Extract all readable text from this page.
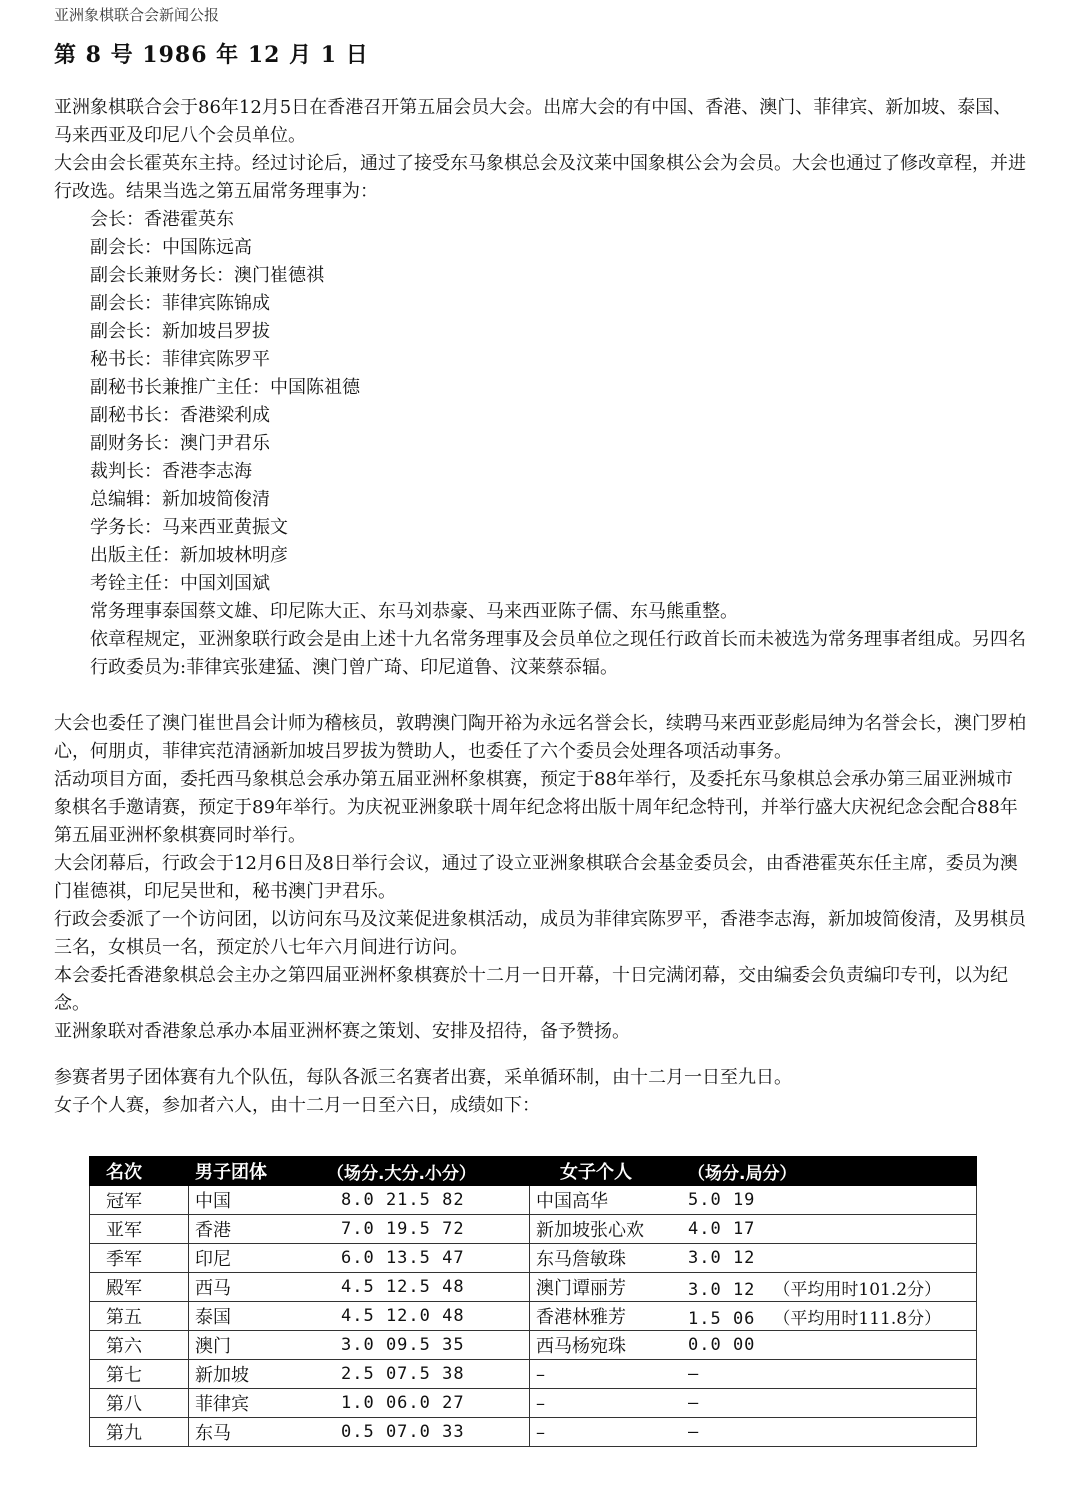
亚洲象棋联合会新闻公报
第 8 号 1986 年 12 月 1 日

亚洲象棋联合会于86年12月5日在香港召开第五届会员大会。出席大会的有中国、香港、澳门、菲律宾、新加坡、泰国、马来西亚及印尼八个会员单位。

大会由会长霍英东主持。经过讨论后，通过了接受东马象棋总会及汶莱中国象棋公会为会员。大会也通过了修改章程，并进行改选。结果当选之第五届常务理事为：

会长：香港霍英东
副会长：中国陈远高
副会长兼财务长：澳门崔德祺
副会长：菲律宾陈锦成
副会长：新加坡吕罗拔
秘书长：菲律宾陈罗平
副秘书长兼推广主任：中国陈祖德
副秘书长：香港梁利成
副财务长：澳门尹君乐
裁判长：香港李志海
总编辑：新加坡简俊清
学务长：马来西亚黄振文
出版主任：新加坡林明彦
考铨主任：中国刘国斌
常务理事泰国蔡文雄、印尼陈大正、东马刘恭豪、马来西亚陈子儒、东马熊重整。

依章程规定，亚洲象联行政会是由上述十九名常务理事及会员单位之现任行政首长而未被选为常务理事者组成。另四名行政委员为:菲律宾张建猛、澳门曾广琦、印尼道鲁、汶莱蔡忝辐。

大会也委任了澳门崔世昌会计师为稽核员，敦聘澳门陶开裕为永远名誉会长，续聘马来西亚彭彪局绅为名誉会长，澳门罗柏心，何朋贞，菲律宾范清涵新加坡吕罗拔为赞助人，也委任了六个委员会处理各项活动事务。

活动项目方面，委托西马象棋总会承办第五届亚洲杯象棋赛，预定于88年举行，及委托东马象棋总会承办第三届亚洲城市象棋名手邀请赛，预定于89年举行。为庆祝亚洲象联十周年纪念将出版十周年纪念特刊，并举行盛大庆祝纪念会配合88年第五届亚洲杯象棋赛同时举行。

大会闭幕后，行政会于12月6日及8日举行会议，通过了设立亚洲象棋联合会基金委员会，由香港霍英东任主席，委员为澳门崔德祺，印尼吴世和，秘书澳门尹君乐。

行政会委派了一个访问团，以访问东马及汶莱促进象棋活动，成员为菲律宾陈罗平，香港李志海，新加坡简俊清，及男棋员三名，女棋员一名，预定於八七年六月间进行访问。

本会委托香港象棋总会主办之第四届亚洲杯象棋赛於十二月一日开幕，十日完满闭幕，交由编委会负责编印专刊，以为纪念。

亚洲象联对香港象总承办本届亚洲杯赛之策划、安排及招待，备予赞扬。

参赛者男子团体赛有九个队伍，每队各派三名赛者出赛，采单循环制，由十二月一日至九日。

女子个人赛，参加者六人，由十二月一日至六日，成绩如下：

名次	男子团体	（场分.大分.小分）	女子个人	（场分.局分）
冠军	中国	8.0 21.5 82	中国高华	5.0 19
亚军	香港	7.0 19.5 72	新加坡张心欢	4.0 17
季军	印尼	6.0 13.5 47	东马詹敏珠	3.0 12
殿军	西马	4.5 12.5 48	澳门谭丽芳	3.0 12 （平均用时101.2分）
第五	泰国	4.5 12.0 48	香港林雅芳	1.5 06 （平均用时111.8分）
第六	澳门	3.0 09.5 35	西马杨宛珠	0.0 00
第七	新加坡	2.5 07.5 38	–	–
第八	菲律宾	1.0 06.0 27	–	–
第九	东马	0.5 07.0 33	–	–
